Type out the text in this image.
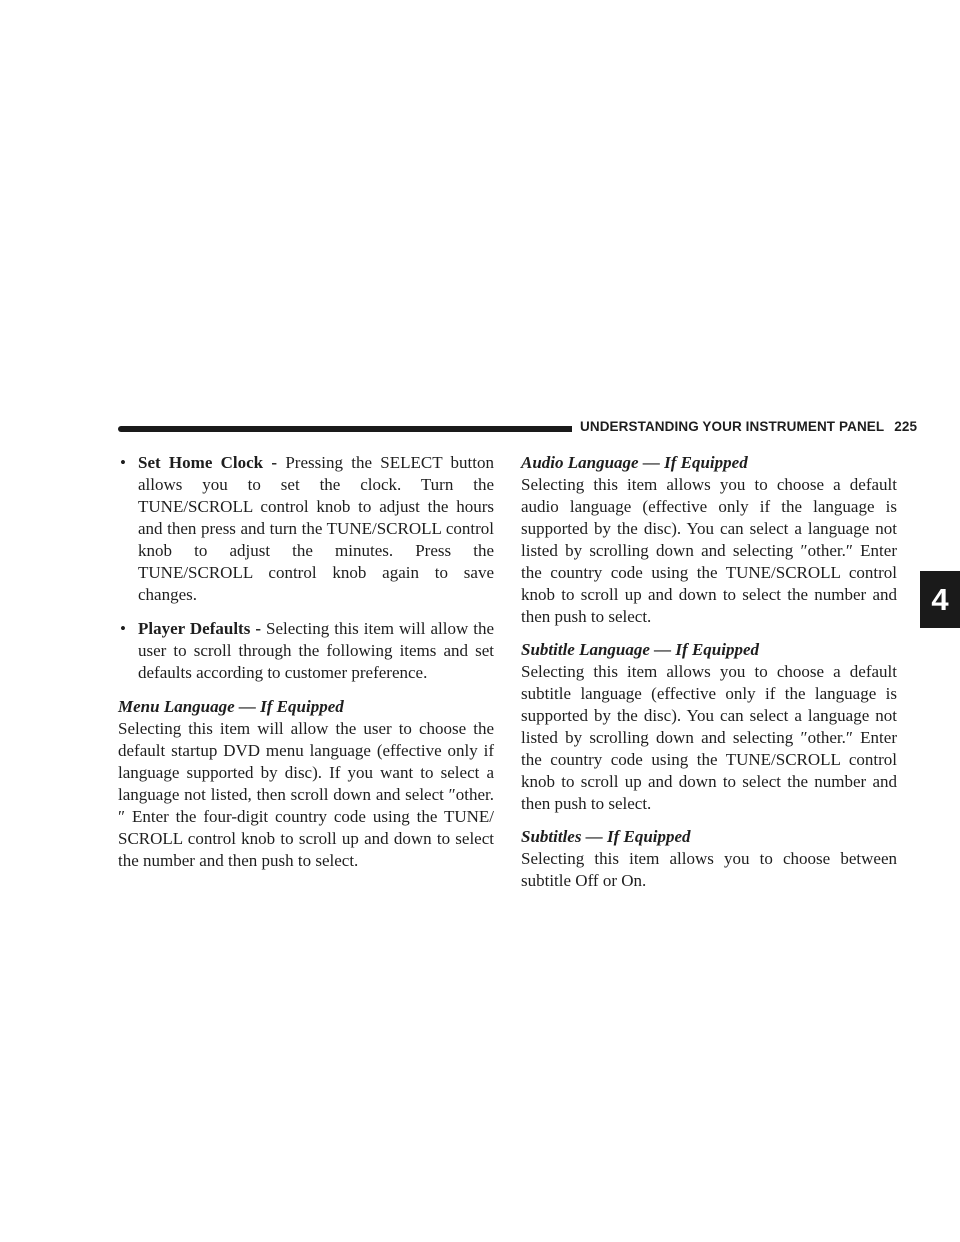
UNDERSTANDING YOUR INSTRUMENT PANEL 225
4
• Set Home Clock - Pressing the SELECT button allows you to set the clock. Turn the TUNE/SCROLL control knob to adjust the hours and then press and turn the TUNE/SCROLL control knob to adjust the minutes. Press the TUNE/SCROLL control knob again to save changes.
• Player Defaults - Selecting this item will allow the user to scroll through the following items and set defaults according to customer preference.

Menu Language — If Equipped

Selecting this item will allow the user to choose the default startup DVD menu language (effective only if language supported by disc). If you want to select a language not listed, then scroll down and select ″other.″ Enter the four-digit country code using the TUNE/ SCROLL control knob to scroll up and down to select the number and then push to select.

Audio Language — If Equipped

Selecting this item allows you to choose a default audio language (effective only if the language is supported by the disc). You can select a language not listed by scrolling down and selecting ″other.″ Enter the country code using the TUNE/SCROLL control knob to scroll up and down to select the number and then push to select.

Subtitle Language — If Equipped

Selecting this item allows you to choose a default subtitle language (effective only if the language is supported by the disc). You can select a language not listed by scrolling down and selecting ″other.″ Enter the country code using the TUNE/SCROLL control knob to scroll up and down to select the number and then push to select.

Subtitles — If Equipped

Selecting this item allows you to choose between subtitle Off or On.
